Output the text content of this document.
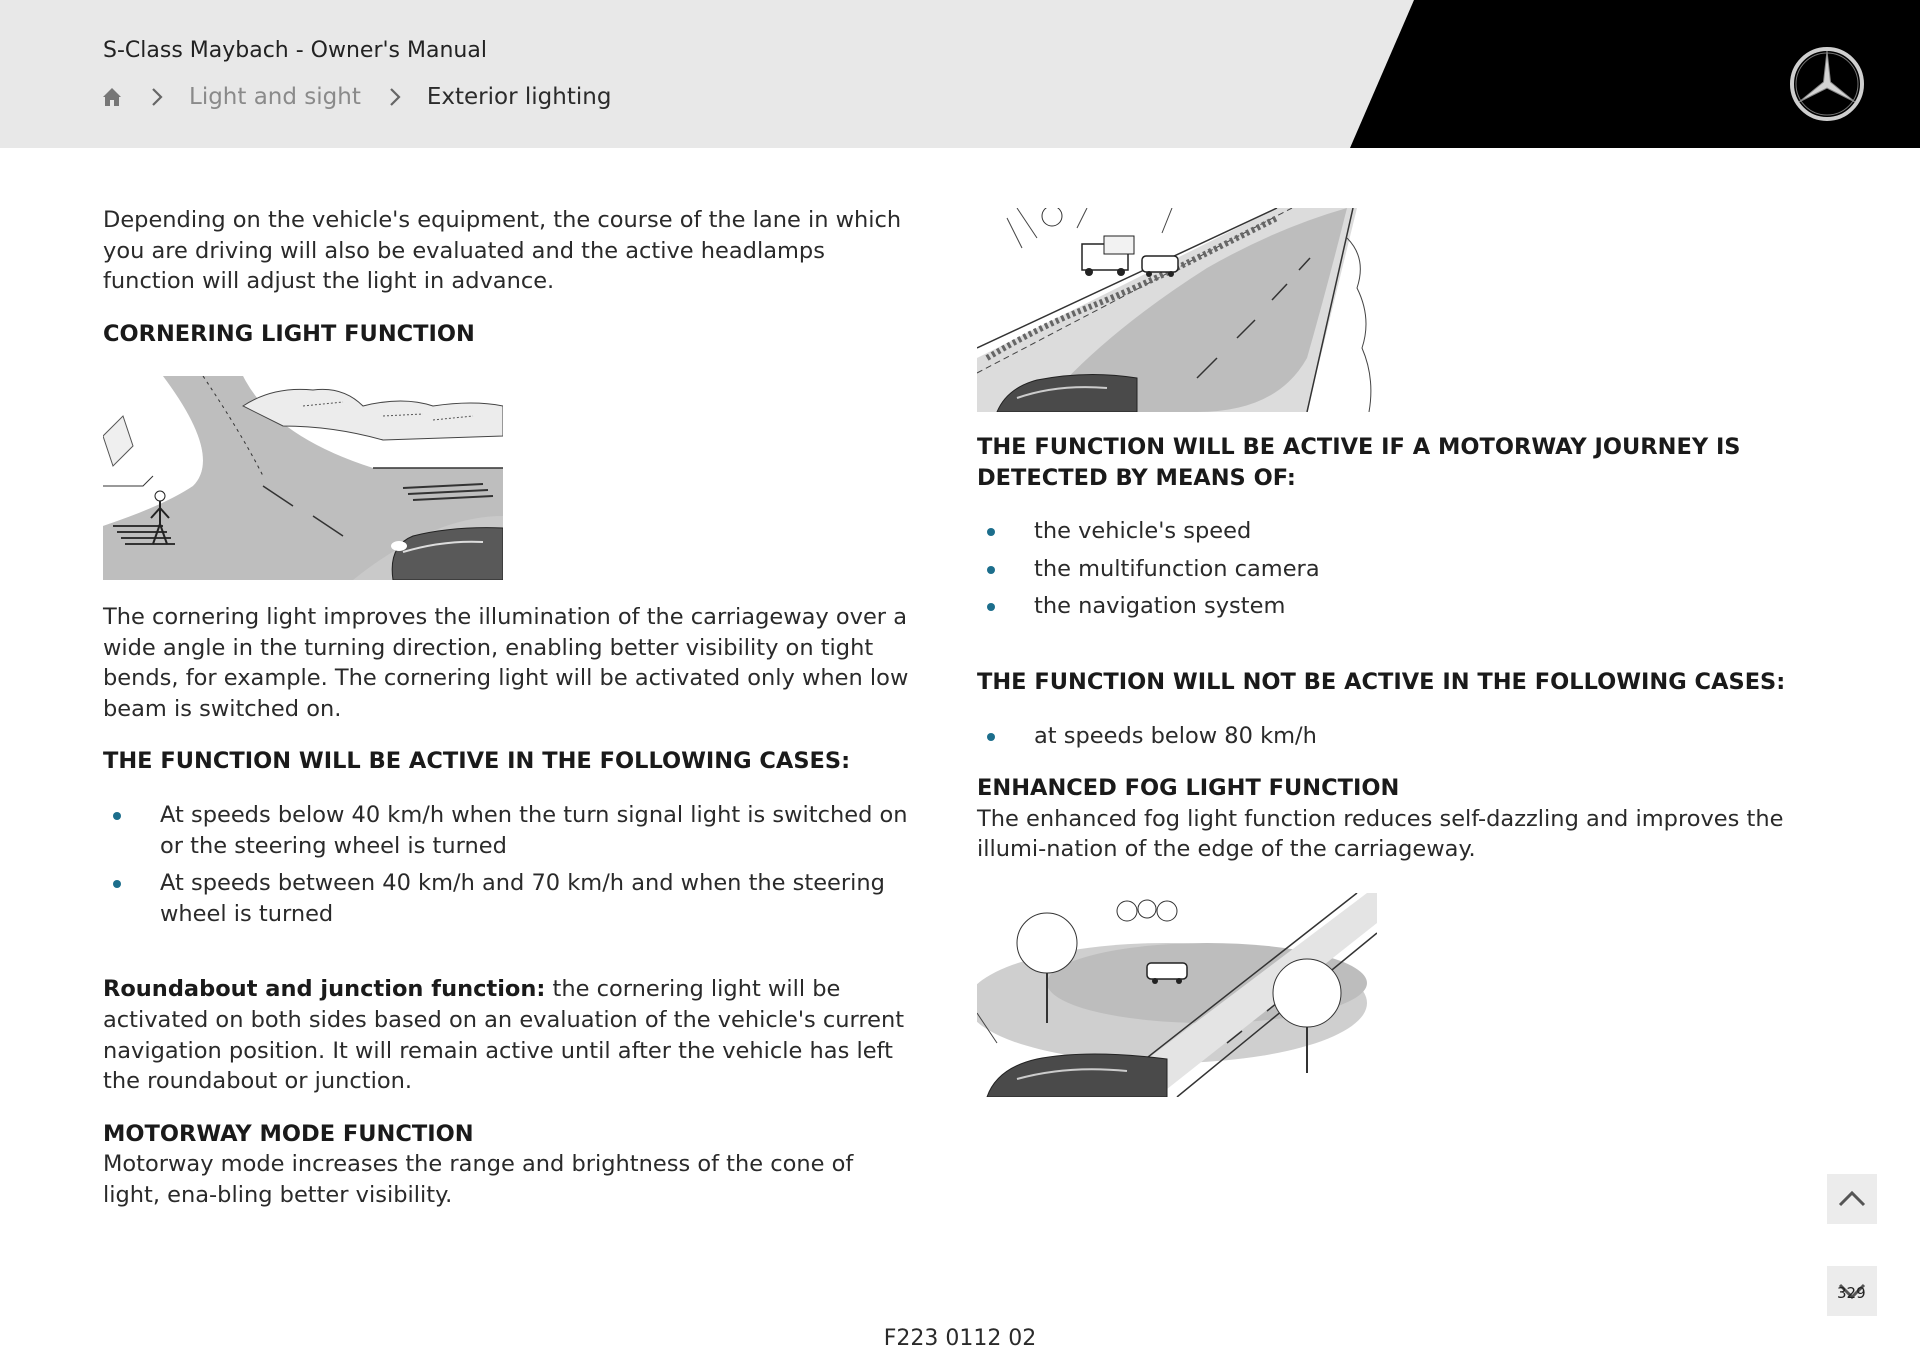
S-Class Maybach - Owner's Manual
Light and sight	Exterior lighting

Depending on the vehicle's equipment, the course of the lane in which you are driving will also be evaluated and the active headlamps function will adjust the light in advance.

CORNERING LIGHT FUNCTION

The cornering light improves the illumination of the carriageway over a wide angle in the turning direction, enabling better visibility on tight bends, for example. The cornering light will be activated only when low beam is switched on.

THE FUNCTION WILL BE ACTIVE IN THE FOLLOWING CASES:

At speeds below 40 km/h when the turn signal light is switched on or the steering wheel is turned
At speeds between 40 km/h and 70 km/h and when the steering wheel is turned

Roundabout and junction function: the cornering light will be activated on both sides based on an evaluation of the vehicle's current navigation position. It will remain active until after the vehicle has left the roundabout or junction.

MOTORWAY MODE FUNCTION

Motorway mode increases the range and brightness of the cone of light, ena-bling better visibility.

THE FUNCTION WILL BE ACTIVE IF A MOTORWAY JOURNEY IS DETECTED BY MEANS OF:

the vehicle's speed
the multifunction camera
the navigation system

THE FUNCTION WILL NOT BE ACTIVE IN THE FOLLOWING CASES:

at speeds below 80 km/h

ENHANCED FOG LIGHT FUNCTION

The enhanced fog light function reduces self-dazzling and improves the illumi-nation of the edge of the carriageway.

329
F223 0112 02
